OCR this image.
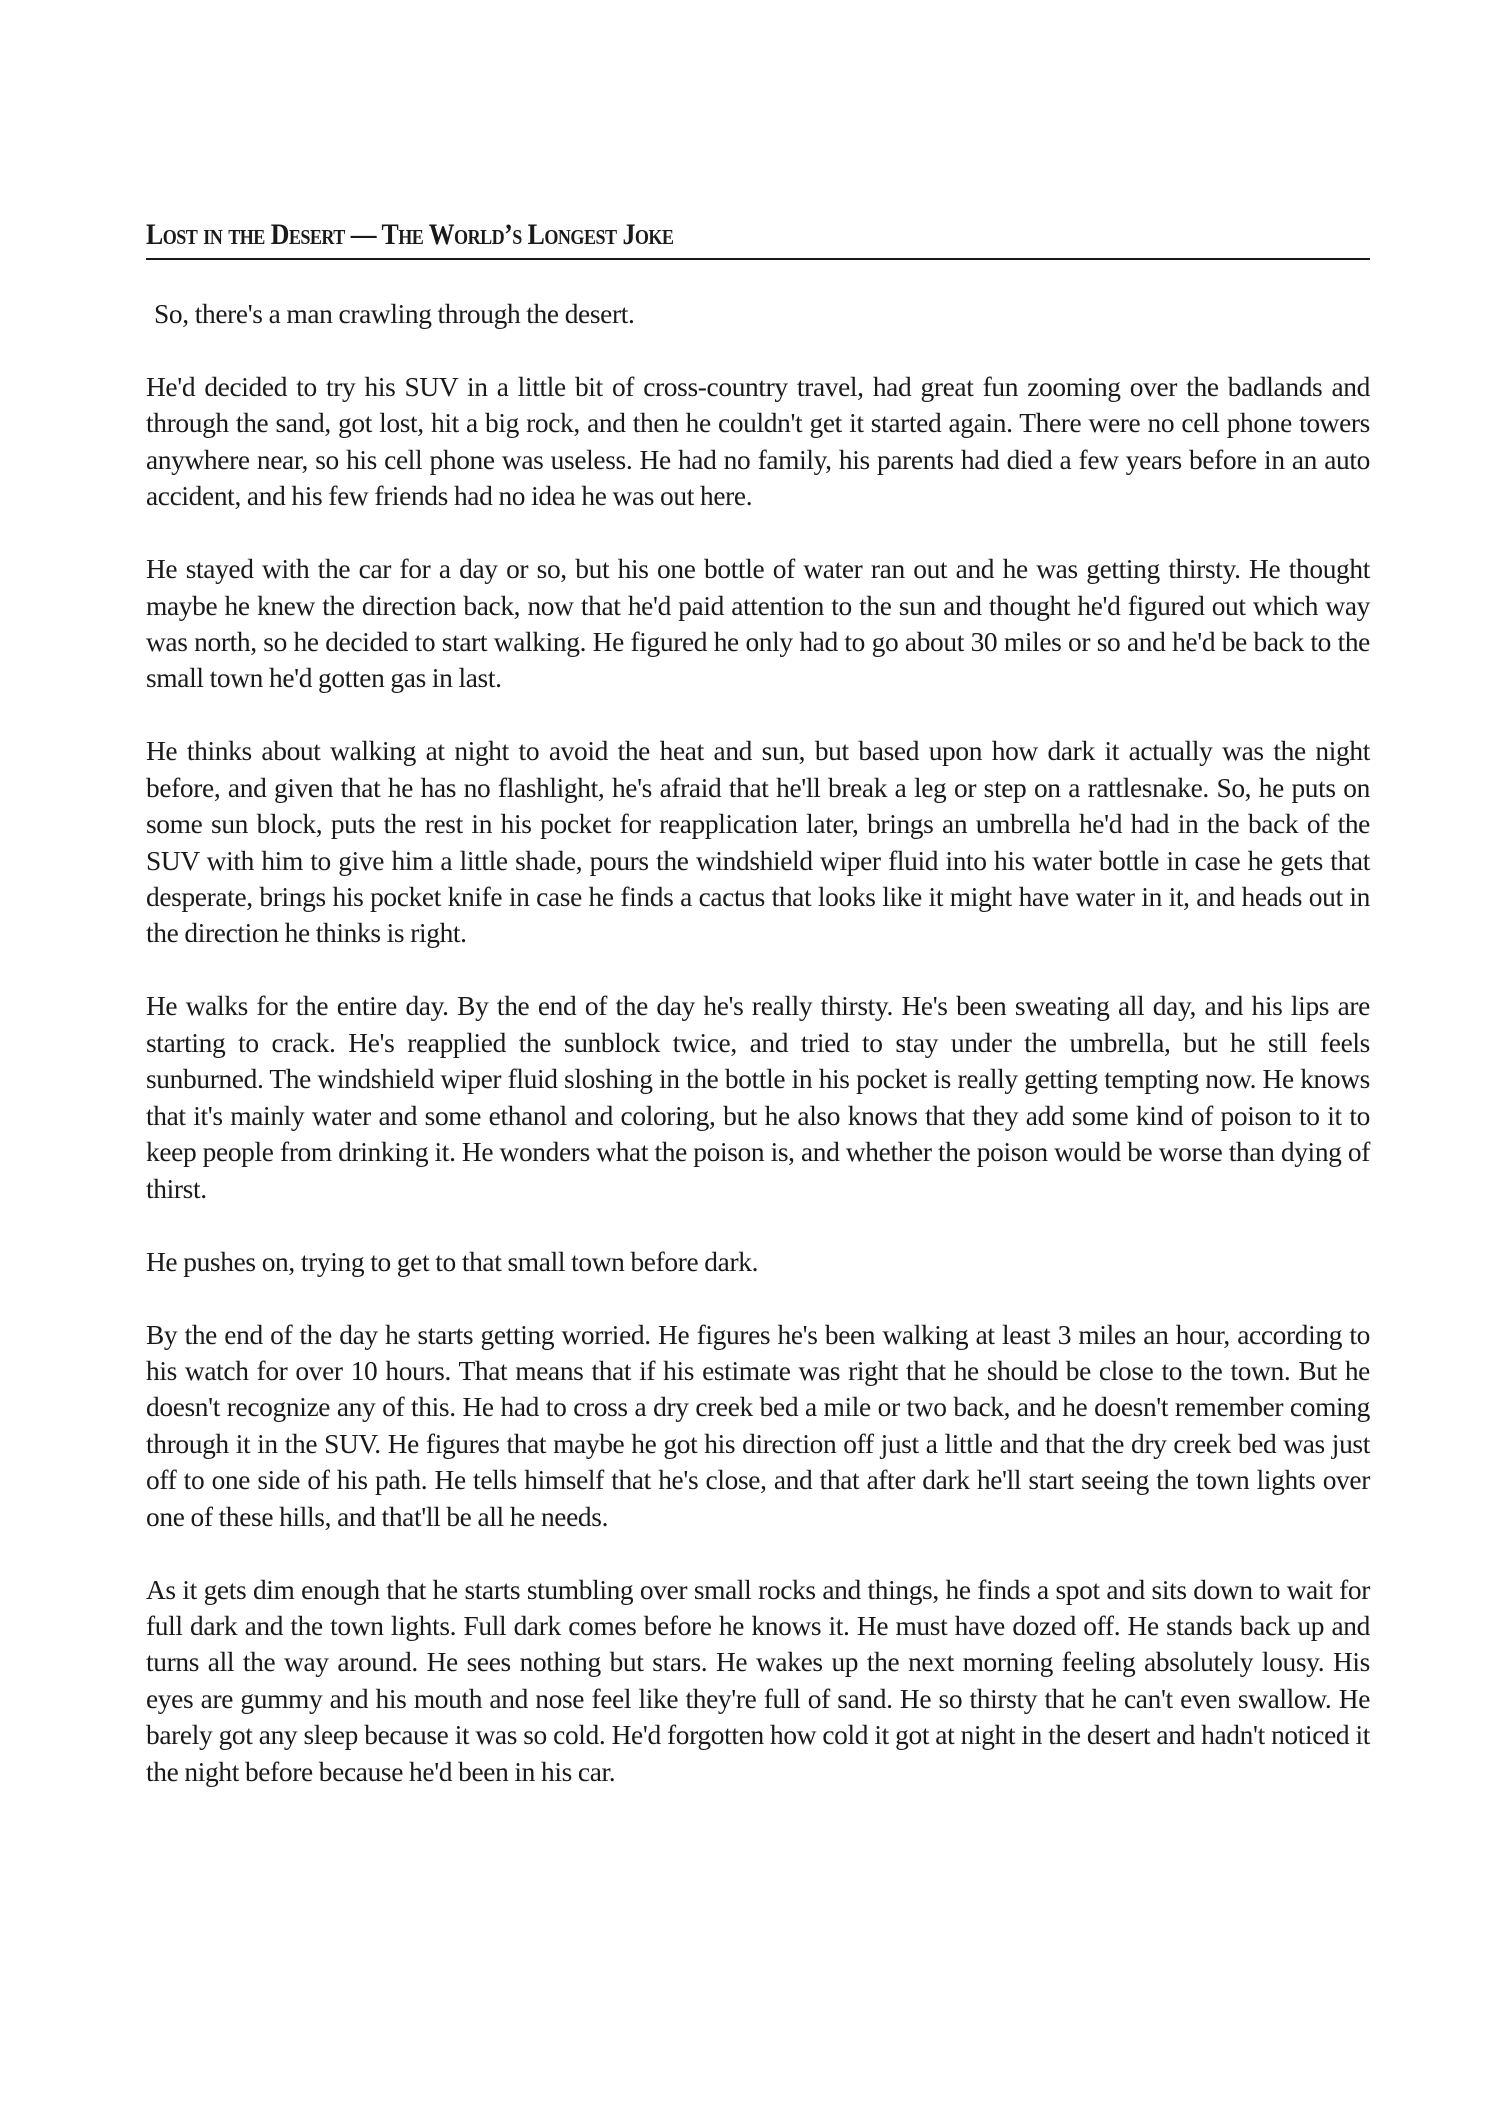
Lost in the Desert — The World’s Longest Joke

So, there's a man crawling through the desert.

He'd decided to try his SUV in a little bit of cross-country travel, had great fun zooming over the badlands and through the sand, got lost, hit a big rock, and then he couldn't get it started again. There were no cell phone towers anywhere near, so his cell phone was useless. He had no family, his parents had died a few years before in an auto accident, and his few friends had no idea he was out here.

He stayed with the car for a day or so, but his one bottle of water ran out and he was getting thirsty. He thought maybe he knew the direction back, now that he'd paid attention to the sun and thought he'd figured out which way was north, so he decided to start walking. He figured he only had to go about 30 miles or so and he'd be back to the small town he'd gotten gas in last.

He thinks about walking at night to avoid the heat and sun, but based upon how dark it actually was the night before, and given that he has no flashlight, he's afraid that he'll break a leg or step on a rattlesnake. So, he puts on some sun block, puts the rest in his pocket for reapplication later, brings an umbrella he'd had in the back of the SUV with him to give him a little shade, pours the windshield wiper fluid into his water bottle in case he gets that desperate, brings his pocket knife in case he finds a cactus that looks like it might have water in it, and heads out in the direction he thinks is right.

He walks for the entire day. By the end of the day he's really thirsty. He's been sweating all day, and his lips are starting to crack. He's reapplied the sunblock twice, and tried to stay under the umbrella, but he still feels sunburned. The windshield wiper fluid sloshing in the bottle in his pocket is really getting tempting now. He knows that it's mainly water and some ethanol and coloring, but he also knows that they add some kind of poison to it to keep people from drinking it. He wonders what the poison is, and whether the poison would be worse than dying of thirst.

He pushes on, trying to get to that small town before dark.

By the end of the day he starts getting worried. He figures he's been walking at least 3 miles an hour, according to his watch for over 10 hours. That means that if his estimate was right that he should be close to the town. But he doesn't recognize any of this. He had to cross a dry creek bed a mile or two back, and he doesn't remember coming through it in the SUV. He figures that maybe he got his direction off just a little and that the dry creek bed was just off to one side of his path. He tells himself that he's close, and that after dark he'll start seeing the town lights over one of these hills, and that'll be all he needs.

As it gets dim enough that he starts stumbling over small rocks and things, he finds a spot and sits down to wait for full dark and the town lights. Full dark comes before he knows it. He must have dozed off. He stands back up and turns all the way around. He sees nothing but stars. He wakes up the next morning feeling absolutely lousy. His eyes are gummy and his mouth and nose feel like they're full of sand. He so thirsty that he can't even swallow. He barely got any sleep because it was so cold. He'd forgotten how cold it got at night in the desert and hadn't noticed it the night before because he'd been in his car.
